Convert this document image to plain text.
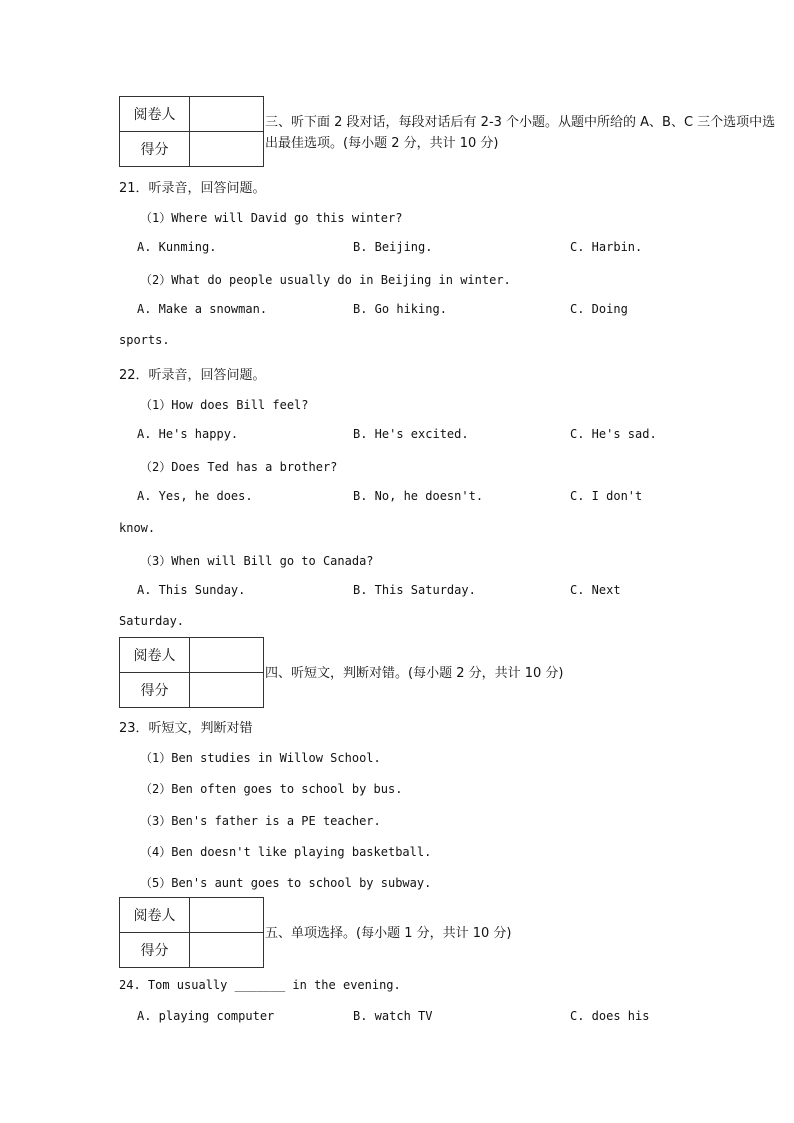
阅卷人	
得分	
三、听下面 2 段对话，每段对话后有 2-3 个小题。从题中所给的 A、B、C 三个选项中选
出最佳选项。(每小题 2 分，共计 10 分)
21．听录音，回答问题。
（1）Where will David go this winter?
A. Kunming.	B. Beijing.	C. Harbin.
（2）What do people usually do in Beijing in winter.
A. Make a snowman.	B. Go hiking.	C. Doing
sports.
22．听录音，回答问题。
（1）How does Bill feel?
A. He's happy.	B. He's excited.	C. He's sad.
（2）Does Ted has a brother?
A. Yes, he does.	B. No, he doesn't.	C. I don't
know.
（3）When will Bill go to Canada?
A. This Sunday.	B. This Saturday.	C. Next
Saturday.
阅卷人	
得分	
四、听短文，判断对错。(每小题 2 分，共计 10 分)
23．听短文，判断对错
（1）Ben studies in Willow School.
（2）Ben often goes to school by bus.
（3）Ben's father is a PE teacher.
（4）Ben doesn't like playing basketball.
（5）Ben's aunt goes to school by subway.
阅卷人	
得分	
五、单项选择。(每小题 1 分，共计 10 分)
24. Tom usually _______ in the evening.
A. playing computer	B. watch TV	C. does his
